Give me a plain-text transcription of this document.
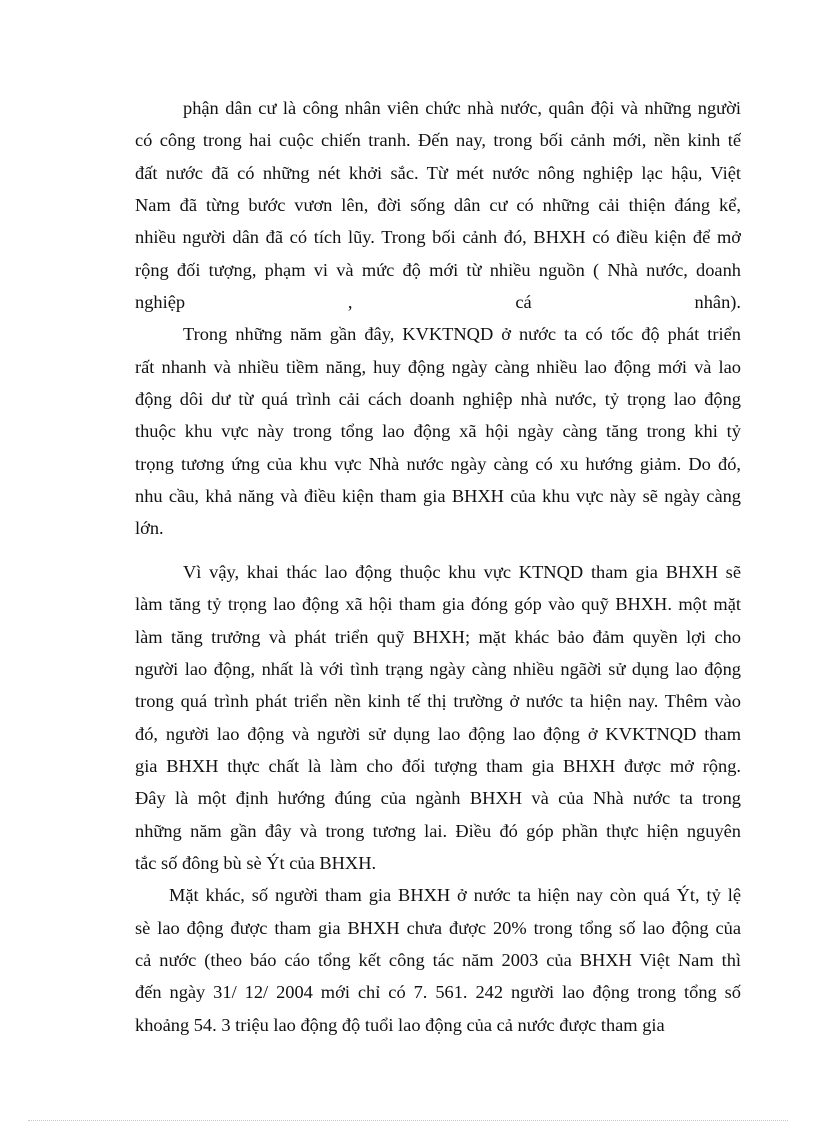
phận dân cư là công nhân viên chức nhà nước, quân đội và những người
có công trong hai cuộc chiến tranh. Đến nay, trong bối cảnh mới, nền kinh tế
đất nước đã có những nét khởi sắc. Từ mét nước nông nghiệp lạc hậu, Việt
Nam đã từng bước vươn lên, đời sống dân cư có những cải thiện đáng kể,
nhiều người dân đã có tích lũy. Trong bối cảnh đó, BHXH có điều kiện để mở
rộng đối tượng, phạm vi và mức độ mới từ nhiều nguồn ( Nhà nước, doanh
nghiệp , cá nhân).
Trong những năm gần đây, KVKTNQD ở nước ta có tốc độ phát triển
rất nhanh và nhiều tiềm năng, huy động ngày càng nhiều lao động mới và lao
động dôi dư từ quá trình cải cách doanh nghiệp nhà nước, tỷ trọng lao động
thuộc khu vực này trong tổng lao động xã hội ngày càng tăng trong khi tỷ
trọng tương ứng của khu vực Nhà nước ngày càng có xu hướng giảm. Do đó,
nhu cầu, khả năng và điều kiện tham gia BHXH của khu vực này sẽ ngày càng
lớn.
Vì vậy, khai thác lao động thuộc khu vực KTNQD tham gia BHXH sẽ
làm tăng tỷ trọng lao động xã hội tham gia đóng góp vào quỹ BHXH. một mặt
làm tăng trưởng và phát triển quỹ BHXH; mặt khác bảo đảm quyền lợi cho
người lao động, nhất là với tình trạng ngày càng nhiều ngãời sử dụng lao động
trong quá trình phát triển nền kinh tế thị trường ở nước ta hiện nay. Thêm vào
đó, người lao động và người sử dụng lao động lao động ở KVKTNQD tham
gia BHXH thực chất là làm cho đối tượng tham gia BHXH được mở rộng.
Đây là một định hướng đúng của ngành BHXH và của Nhà nước ta trong
những năm gần đây và trong tương lai. Điều đó góp phần thực hiện nguyên
tắc số đông bù sè Ýt của BHXH.
Mặt khác, số người tham gia BHXH ở nước ta hiện nay còn quá Ýt, tỷ lệ
sè lao động được tham gia BHXH chưa được 20% trong tổng số lao động của
cả nước (theo báo cáo tổng kết công tác năm 2003 của BHXH Việt Nam thì
đến ngày 31/ 12/ 2004 mới chỉ có 7. 561. 242 người lao động trong tổng số
khoảng 54. 3 triệu lao động độ tuổi lao động của cả nước được tham gia
